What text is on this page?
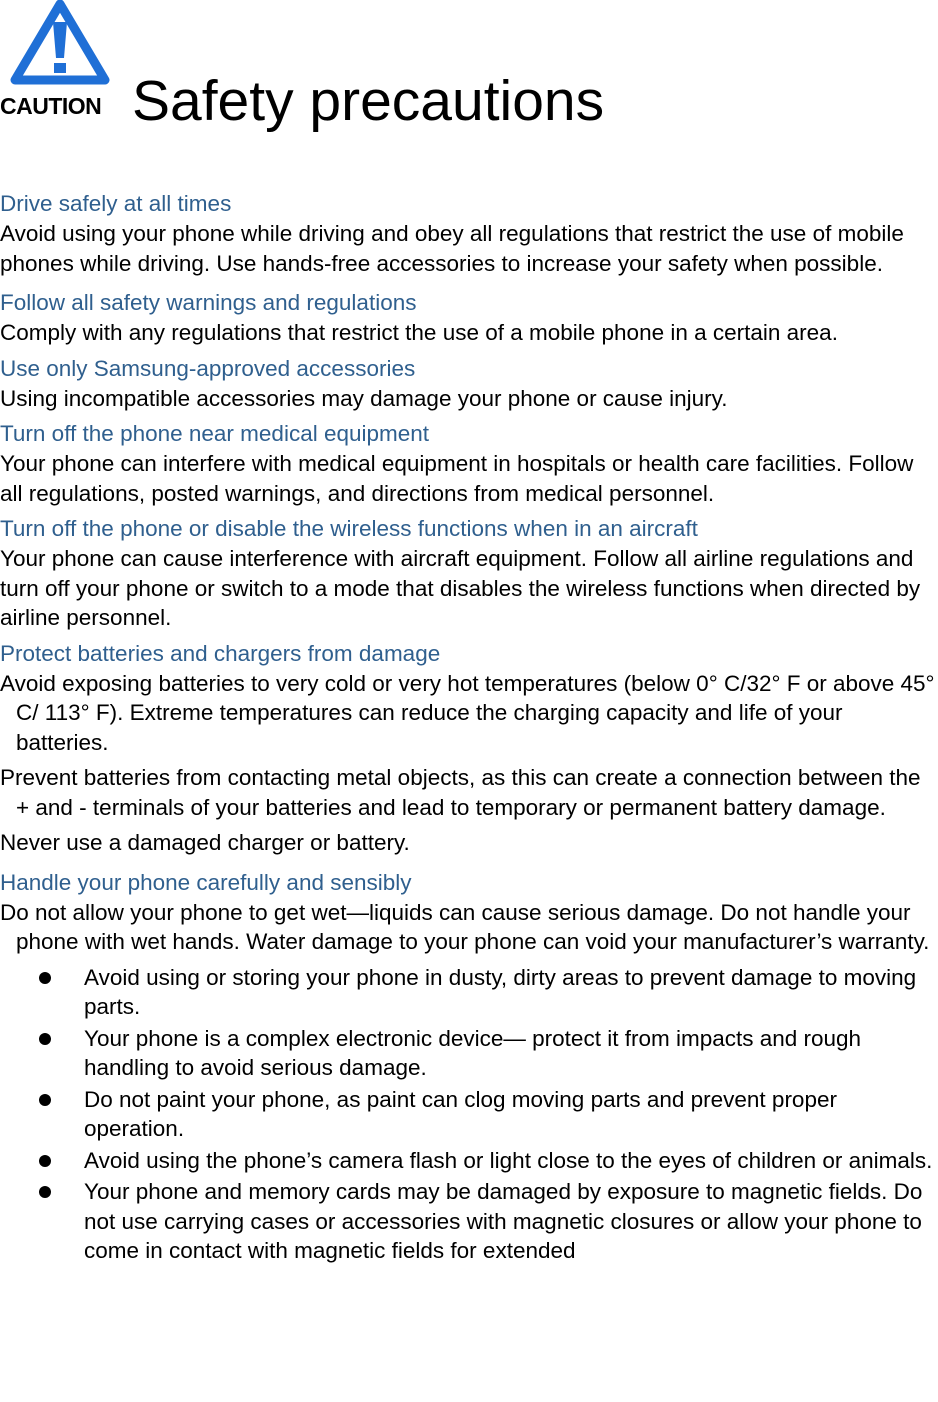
CAUTION Safety precautions
Drive safely at all times

Avoid using your phone while driving and obey all regulations that restrict the use of mobile phones while driving. Use hands-free accessories to increase your safety when possible.

Follow all safety warnings and regulations

Comply with any regulations that restrict the use of a mobile phone in a certain area.

Use only Samsung-approved accessories

Using incompatible accessories may damage your phone or cause injury.

Turn off the phone near medical equipment

Your phone can interfere with medical equipment in hospitals or health care facilities. Follow all regulations, posted warnings, and directions from medical personnel.

Turn off the phone or disable the wireless functions when in an aircraft

Your phone can cause interference with aircraft equipment. Follow all airline regulations and turn off your phone or switch to a mode that disables the wireless functions when directed by airline personnel.

Protect batteries and chargers from damage

Avoid exposing batteries to very cold or very hot temperatures (below 0° C/32° F or above 45° C/ 113° F). Extreme temperatures can reduce the charging capacity and life of your batteries.

Prevent batteries from contacting metal objects, as this can create a connection between the + and - terminals of your batteries and lead to temporary or permanent battery damage.

Never use a damaged charger or battery.

Handle your phone carefully and sensibly

Do not allow your phone to get wet—liquids can cause serious damage. Do not handle your phone with wet hands. Water damage to your phone can void your manufacturer’s warranty.

Avoid using or storing your phone in dusty, dirty areas to prevent damage to moving parts.
Your phone is a complex electronic device— protect it from impacts and rough handling to avoid serious damage.
Do not paint your phone, as paint can clog moving parts and prevent proper operation.
Avoid using the phone’s camera flash or light close to the eyes of children or animals.
Your phone and memory cards may be damaged by exposure to magnetic fields. Do not use carrying cases or accessories with magnetic closures or allow your phone to come in contact with magnetic fields for extended
